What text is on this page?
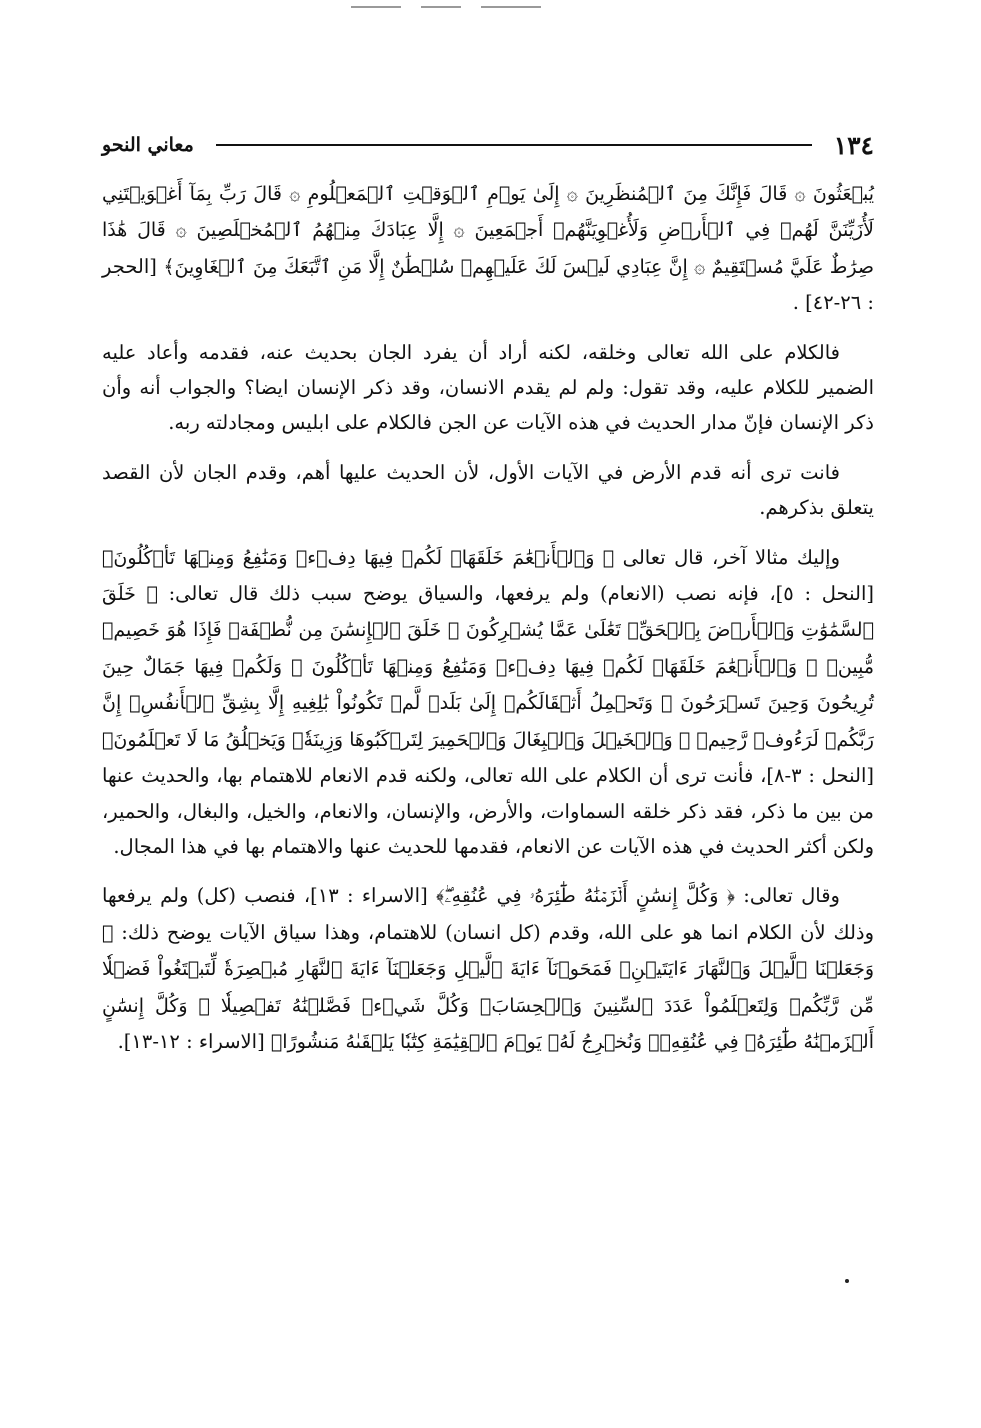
١٣٤
معاني النحو

يُبۡعَثُونَ ۞ قَالَ فَإِنَّكَ مِنَ ٱلۡمُنظَرِينَ ۞ إِلَىٰ يَوۡمِ ٱلۡوَقۡتِ ٱلۡمَعۡلُومِ ۞ قَالَ رَبِّ بِمَآ أَغۡوَيۡتَنِي لَأُزَيِّنَنَّ لَهُمۡ فِي ٱلۡأَرۡضِ وَلَأُغۡوِيَنَّهُمۡ أَجۡمَعِينَ ۞ إِلَّا عِبَادَكَ مِنۡهُمُ ٱلۡمُخۡلَصِينَ ۞ قَالَ هَٰذَا صِرَٰطٌ عَلَيَّ مُسۡتَقِيمٌ ۞ إِنَّ عِبَادِي لَيۡسَ لَكَ عَلَيۡهِمۡ سُلۡطَٰنٌ إِلَّا مَنِ ٱتَّبَعَكَ مِنَ ٱلۡغَاوِينَ﴾ [الحجر : ٢٦-٤٢] .

فالكلام على الله تعالى وخلقه، لكنه أراد أن يفرد الجان بحديث عنه، فقدمه وأعاد عليه الضمير للكلام عليه، وقد تقول: ولم لم يقدم الانسان، وقد ذكر الإنسان ايضا؟ والجواب أنه وأن ذكر الإنسان فإنّ مدار الحديث في هذه الآيات عن الجن فالكلام على ابليس ومجادلته ربه.

فانت ترى أنه قدم الأرض في الآيات الأول، لأن الحديث عليها أهم، وقدم الجان لأن القصد يتعلق بذكرهم.

وإليك مثالا آخر، قال تعالى ﴿ وَٱلۡأَنۡعَٰمَ خَلَقَهَاۖ لَكُمۡ فِيهَا دِفۡءٞ وَمَنَٰفِعُ وَمِنۡهَا تَأۡكُلُونَ﴾ [النحل : ٥]، فإنه نصب (الانعام) ولم يرفعها، والسياق يوضح سبب ذلك قال تعالى: ﴿ خَلَقَ ٱلسَّمَٰوَٰتِ وَٱلۡأَرۡضَ بِٱلۡحَقِّۚ تَعَٰلَىٰ عَمَّا يُشۡرِكُونَ ۞ خَلَقَ ٱلۡإِنسَٰنَ مِن نُّطۡفَةٖ فَإِذَا هُوَ خَصِيمٞ مُّبِينٞ ۞ وَٱلۡأَنۡعَٰمَ خَلَقَهَاۖ لَكُمۡ فِيهَا دِفۡءٞ وَمَنَٰفِعُ وَمِنۡهَا تَأۡكُلُونَ ۞ وَلَكُمۡ فِيهَا جَمَالٌ حِينَ تُرِيحُونَ وَحِينَ تَسۡرَحُونَ ۞ وَتَحۡمِلُ أَثۡقَالَكُمۡ إِلَىٰ بَلَدٖ لَّمۡ تَكُونُواْ بَٰلِغِيهِ إِلَّا بِشِقِّ ٱلۡأَنفُسِۚ إِنَّ رَبَّكُمۡ لَرَءُوفٞ رَّحِيمٞ ۞ وَٱلۡخَيۡلَ وَٱلۡبِغَالَ وَٱلۡحَمِيرَ لِتَرۡكَبُوهَا وَزِينَةٗۚ وَيَخۡلُقُ مَا لَا تَعۡلَمُونَ﴾ [النحل : ٣-٨]، فأنت ترى أن الكلام على الله تعالى، ولكنه قدم الانعام للاهتمام بها، والحديث عنها من بين ما ذكر، فقد ذكر خلقه السماوات، والأرض، والإنسان، والانعام، والخيل، والبغال، والحمير، ولكن أكثر الحديث في هذه الآيات عن الانعام، فقدمها للحديث عنها والاهتمام بها في هذا المجال.

وقال تعالى: ﴿ وَكُلَّ إِنسَٰنٍ أَلۡزَمۡنَٰهُ طَٰٓئِرَهُۥ فِي عُنُقِهِۦۖ﴾ [الاسراء : ١٣]، فنصب (كل) ولم يرفعها وذلك لأن الكلام انما هو على الله، وقدم (كل انسان) للاهتمام، وهذا سياق الآيات يوضح ذلك: ﴿ وَجَعَلۡنَا ٱلَّيۡلَ وَٱلنَّهَارَ ءَايَتَيۡنِۖ فَمَحَوۡنَآ ءَايَةَ ٱلَّيۡلِ وَجَعَلۡنَآ ءَايَةَ ٱلنَّهَارِ مُبۡصِرَةٗ لِّتَبۡتَغُواْ فَضۡلٗا مِّن رَّبِّكُمۡ وَلِتَعۡلَمُواْ عَدَدَ ٱلسِّنِينَ وَٱلۡحِسَابَۚ وَكُلَّ شَيۡءٖ فَصَّلۡنَٰهُ تَفۡصِيلٗا ۞ وَكُلَّ إِنسَٰنٍ أَلۡزَمۡنَٰهُ طَٰٓئِرَهُۥ فِي عُنُقِهِۦۖ وَنُخۡرِجُ لَهُۥ يَوۡمَ ٱلۡقِيَٰمَةِ كِتَٰبٗا يَلۡقَىٰهُ مَنشُورًا﴾ [الاسراء : ١٢-١٣].
